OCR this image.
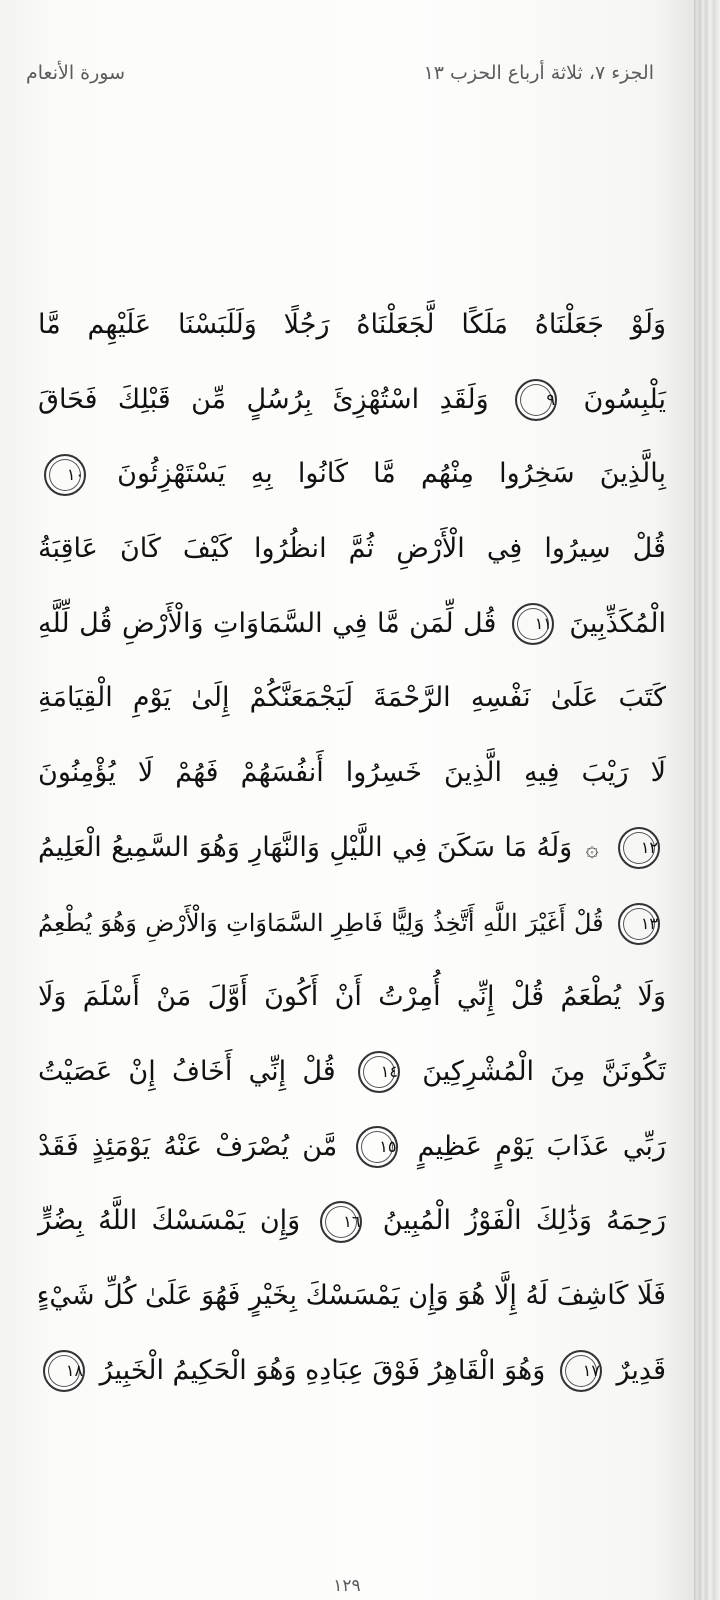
الجزء ٧، ثلاثة أرباع الحزب ١٣
سورة الأنعام
وَلَوْ جَعَلْنَاهُ مَلَكًا لَّجَعَلْنَاهُ رَجُلًا وَلَلَبَسْنَا عَلَيْهِم مَّا
يَلْبِسُونَ ٩ وَلَقَدِ اسْتُهْزِئَ بِرُسُلٍ مِّن قَبْلِكَ فَحَاقَ
بِالَّذِينَ سَخِرُوا مِنْهُم مَّا كَانُوا بِهِ يَسْتَهْزِئُونَ ١٠
قُلْ سِيرُوا فِي الْأَرْضِ ثُمَّ انظُرُوا كَيْفَ كَانَ عَاقِبَةُ
الْمُكَذِّبِينَ ١١ قُل لِّمَن مَّا فِي السَّمَاوَاتِ وَالْأَرْضِ قُل لِّلَّهِ
كَتَبَ عَلَىٰ نَفْسِهِ الرَّحْمَةَ لَيَجْمَعَنَّكُمْ إِلَىٰ يَوْمِ الْقِيَامَةِ
لَا رَيْبَ فِيهِ الَّذِينَ خَسِرُوا أَنفُسَهُمْ فَهُمْ لَا يُؤْمِنُونَ
١٢ ۞ وَلَهُ مَا سَكَنَ فِي اللَّيْلِ وَالنَّهَارِ وَهُوَ السَّمِيعُ الْعَلِيمُ
١٣ قُلْ أَغَيْرَ اللَّهِ أَتَّخِذُ وَلِيًّا فَاطِرِ السَّمَاوَاتِ وَالْأَرْضِ وَهُوَ يُطْعِمُ
وَلَا يُطْعَمُ قُلْ إِنِّي أُمِرْتُ أَنْ أَكُونَ أَوَّلَ مَنْ أَسْلَمَ وَلَا
تَكُونَنَّ مِنَ الْمُشْرِكِينَ ١٤ قُلْ إِنِّي أَخَافُ إِنْ عَصَيْتُ
رَبِّي عَذَابَ يَوْمٍ عَظِيمٍ ١٥ مَّن يُصْرَفْ عَنْهُ يَوْمَئِذٍ فَقَدْ
رَحِمَهُ وَذَٰلِكَ الْفَوْزُ الْمُبِينُ ١٦ وَإِن يَمْسَسْكَ اللَّهُ بِضُرٍّ
فَلَا كَاشِفَ لَهُ إِلَّا هُوَ وَإِن يَمْسَسْكَ بِخَيْرٍ فَهُوَ عَلَىٰ كُلِّ شَيْءٍ
قَدِيرٌ ١٧ وَهُوَ الْقَاهِرُ فَوْقَ عِبَادِهِ وَهُوَ الْحَكِيمُ الْخَبِيرُ ١٨
١٢٩
